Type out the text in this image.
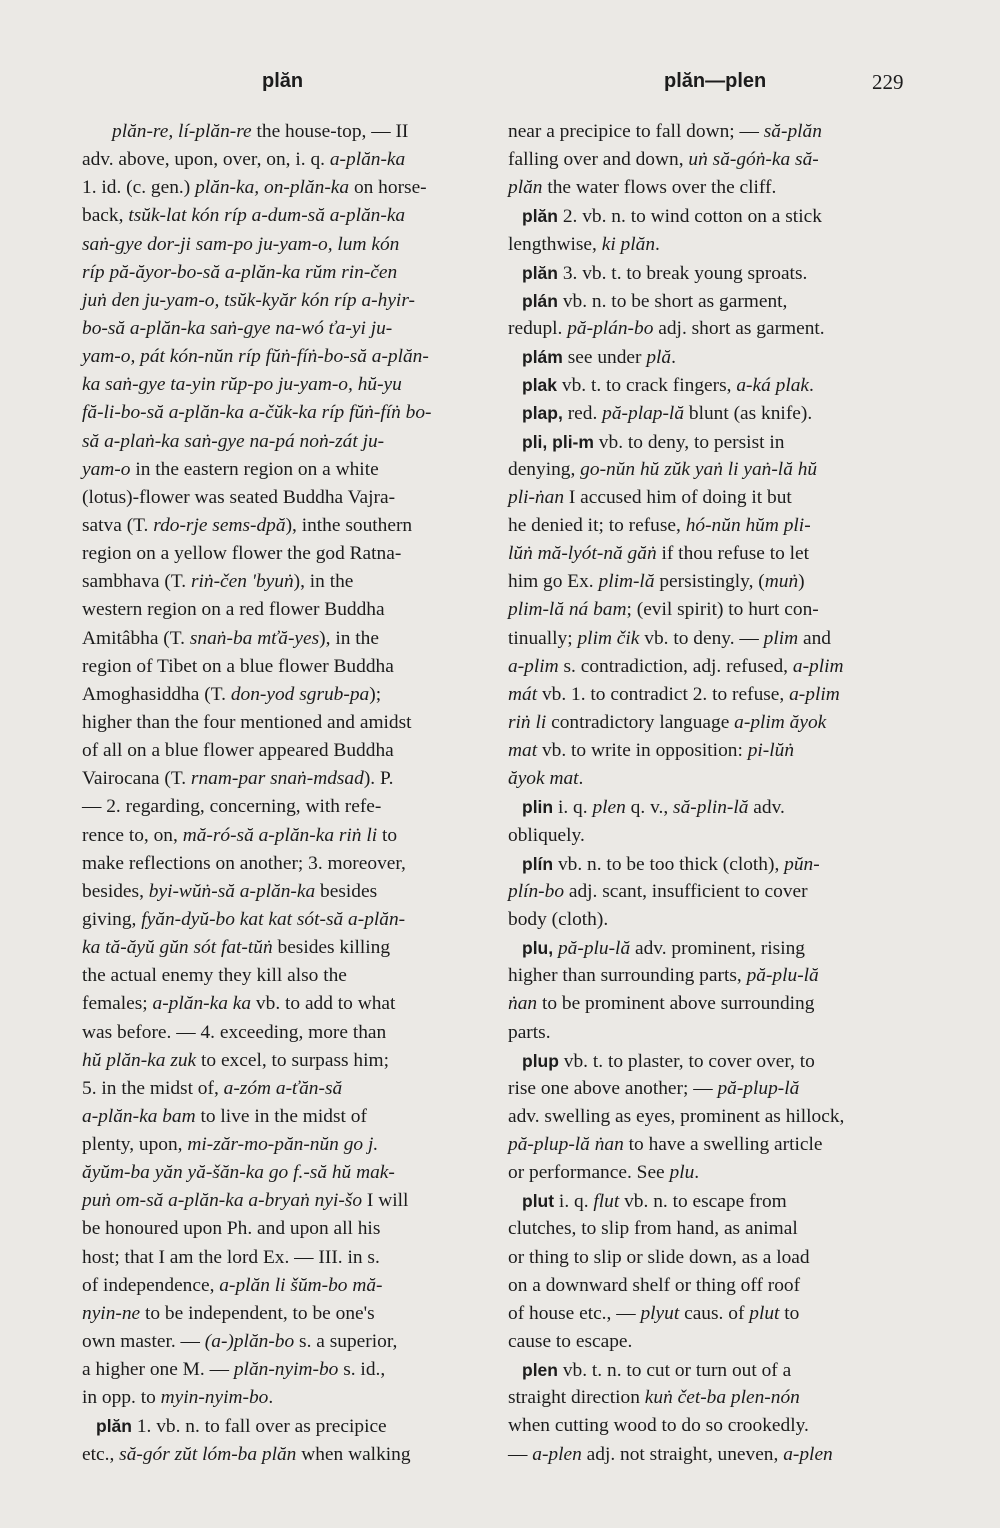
plăn	plăn—plen	229
plăn-re, lí-plăn-re the house-top, — II
adv. above, upon, over, on, i. q. a-plăn-ka
1. id. (c. gen.) plăn-ka, on-plăn-ka on horse-
back, tsŭk-lat kón ríp a-dum-să a-plăn-ka
saṅ-gye dor-ji sam-po ju-yam-o, lum kón
ríp pă-ăyor-bo-să a-plăn-ka rŭm rin-čen
juṅ den ju-yam-o, tsŭk-kyăr kón ríp a-hyir-
bo-să a-plăn-ka saṅ-gye na-wó ťa-yi ju-
yam-o, pát kón-nŭn ríp fŭṅ-fíṅ-bo-să a-plăn-
ka saṅ-gye ta-yin rŭp-po ju-yam-o, hŭ-yu
fă-li-bo-să a-plăn-ka a-čŭk-ka ríp fŭṅ-fíṅ bo-
să a-plaṅ-ka saṅ-gye na-pá noṅ-zát ju-
yam-o in the eastern region on a white
(lotus)-flower was seated Buddha Vajra-
satva (T. rdo-rje sems-dpă), inthe southern
region on a yellow flower the god Ratna-
sambhava (T. riṅ-čen 'byuṅ), in the
western region on a red flower Buddha
Amitâbha (T. snaṅ-ba mťă-yes), in the
region of Tibet on a blue flower Buddha
Amoghasiddha (T. don-yod sgrub-pa);
higher than the four mentioned and amidst
of all on a blue flower appeared Buddha
Vairocana (T. rnam-par snaṅ-mdsad). P.
— 2. regarding, concerning, with refe-
rence to, on, mă-ró-să a-plăn-ka riṅ li to
make reflections on another; 3. moreover,
besides, byi-wŭṅ-să a-plăn-ka besides
giving, fyăn-dyŭ-bo kat kat sót-să a-plăn-
ka tă-ăyŭ gŭn sót fat-tŭṅ besides killing
the actual enemy they kill also the
females; a-plăn-ka ka vb. to add to what
was before. — 4. exceeding, more than
hŭ plăn-ka zuk to excel, to surpass him;
5. in the midst of, a-zóm a-ťăn-să
a-plăn-ka bam to live in the midst of
plenty, upon, mi-zăr-mo-păn-nŭn go j.
ăyŭm-ba yăn yă-šăn-ka go f.-să hŭ mak-
puṅ om-să a-plăn-ka a-bryaṅ nyi-šo I will
be honoured upon Ph. and upon all his
host; that I am the lord Ex. — III. in s.
of independence, a-plăn li šŭm-bo mă-
nyin-ne to be independent, to be one's
own master. — (a-)plăn-bo s. a superior,
a higher one M. — plăn-nyim-bo s. id.,
in opp. to myin-nyim-bo.
plăn 1. vb. n. to fall over as precipice
etc., să-gór zŭt lóm-ba plăn when walking
near a precipice to fall down; — să-plăn
falling over and down, uṅ să-góṅ-ka să-
plăn the water flows over the cliff.
plăn 2. vb. n. to wind cotton on a stick
lengthwise, ki plăn.
plăn 3. vb. t. to break young sproats.
plán vb. n. to be short as garment,
redupl. pă-plán-bo adj. short as garment.
plám see under plă.
plak vb. t. to crack fingers, a-ká plak.
plap, red. pă-plap-lă blunt (as knife).
pli, pli-m vb. to deny, to persist in
denying, go-nŭn hŭ zŭk yaṅ li yaṅ-lă hŭ
pli-ṅan I accused him of doing it but
he denied it; to refuse, hó-nŭn hŭm pli-
lŭṅ mă-lyót-nă găṅ if thou refuse to let
him go Ex. plim-lă persistingly, (muṅ)
plim-lă ná bam; (evil spirit) to hurt con-
tinually; plim čik vb. to deny. — plim and
a-plim s. contradiction, adj. refused, a-plim
mát vb. 1. to contradict 2. to refuse, a-plim
riṅ li contradictory language a-plim ăyok
mat vb. to write in opposition: pi-lŭṅ
ăyok mat.
plin i. q. plen q. v., să-plin-lă adv.
obliquely.
plín vb. n. to be too thick (cloth), pŭn-
plín-bo adj. scant, insufficient to cover
body (cloth).
plu, pă-plu-lă adv. prominent, rising
higher than surrounding parts, pă-plu-lă
ṅan to be prominent above surrounding
parts.
plup vb. t. to plaster, to cover over, to
rise one above another; — pă-plup-lă
adv. swelling as eyes, prominent as hillock,
pă-plup-lă ṅan to have a swelling article
or performance. See plu.
plut i. q. flut vb. n. to escape from
clutches, to slip from hand, as animal
or thing to slip or slide down, as a load
on a downward shelf or thing off roof
of house etc., — plyut caus. of plut to
cause to escape.
plen vb. t. n. to cut or turn out of a
straight direction kuṅ čet-ba plen-nón
when cutting wood to do so crookedly.
— a-plen adj. not straight, uneven, a-plen
